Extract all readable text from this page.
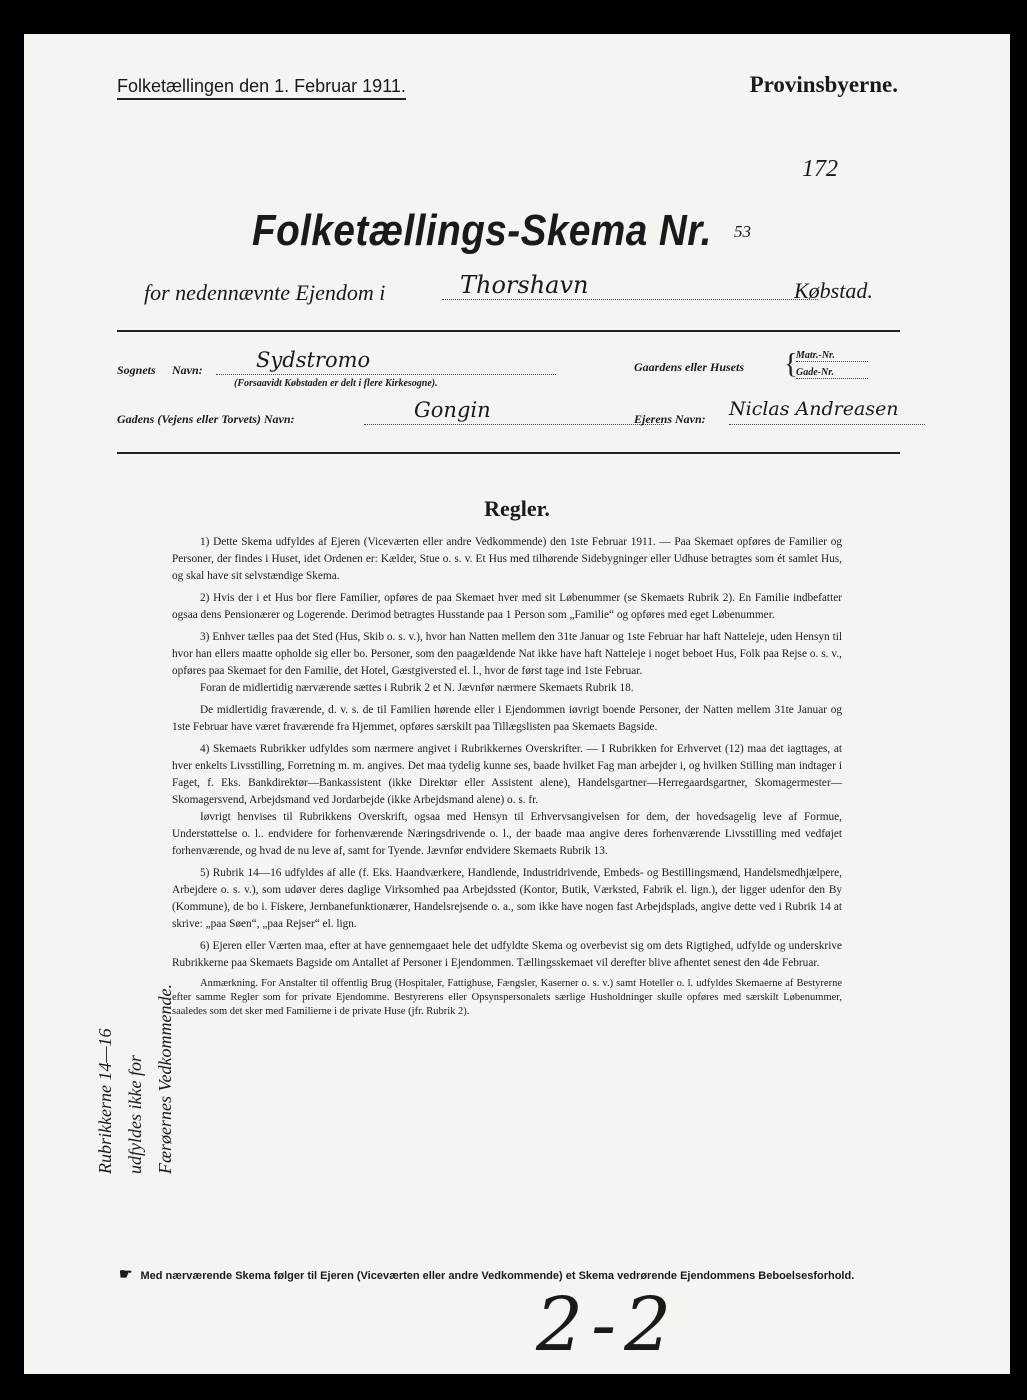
Folketællingen den 1. Februar 1911.	Provinsbyerne.
172
Folketællings-Skema Nr. 53
for nedennævnte Ejendom i	Thorshavn	Købstad.
Sognets Navn:	Sydstromo
(Forsaavidt Købstaden er delt i flere Kirkesogne).
Gaardens eller Husets {
Matr.-Nr.
Gade-Nr.
Gadens (Vejens eller Torvets) Navn:	Gongin	Ejerens Navn: Niclas Andreasen
Regler.

1) Dette Skema udfyldes af Ejeren (Viceværten eller andre Vedkommende) den 1ste Februar 1911. — Paa Skemaet opføres de Familier og Personer, der findes i Huset, idet Ordenen er: Kælder, Stue o. s. v. Et Hus med tilhørende Sidebygninger eller Udhuse betragtes som ét samlet Hus, og skal have sit selvstændige Skema.

2) Hvis der i et Hus bor flere Familier, opføres de paa Skemaet hver med sit Løbenummer (se Skemaets Rubrik 2). En Familie indbefatter ogsaa dens Pensionærer og Logerende. Derimod betragtes Husstande paa 1 Person som „Familie“ og opføres med eget Løbenummer.

3) Enhver tælles paa det Sted (Hus, Skib o. s. v.), hvor han Natten mellem den 31te Januar og 1ste Februar har haft Natteleje, uden Hensyn til hvor han ellers maatte opholde sig eller bo. Personer, som den paagældende Nat ikke have haft Natteleje i noget beboet Hus, Folk paa Rejse o. s. v., opføres paa Skemaet for den Familie, det Hotel, Gæstgiversted el. l., hvor de først tage ind 1ste Februar.

Foran de midlertidig nærværende sættes i Rubrik 2 et N. Jævnfør nærmere Skemaets Rubrik 18.

De midlertidig fraværende, d. v. s. de til Familien hørende eller i Ejendommen iøvrigt boende Personer, der Natten mellem 31te Januar og 1ste Februar have været fraværende fra Hjemmet, opføres særskilt paa Tillægslisten paa Skemaets Bagside.

4) Skemaets Rubrikker udfyldes som nærmere angivet i Rubrikkernes Overskrifter. — I Rubrikken for Erhvervet (12) maa det iagttages, at hver enkelts Livsstilling, Forretning m. m. angives. Det maa tydelig kunne ses, baade hvilket Fag man arbejder i, og hvilken Stilling man indtager i Faget, f. Eks. Bankdirektør—Bankassistent (ikke Direktør eller Assistent alene), Handelsgartner—Herregaardsgartner, Skomagermester—Skomagersvend, Arbejdsmand ved Jordarbejde (ikke Arbejdsmand alene) o. s. fr.

Iøvrigt henvises til Rubrikkens Overskrift, ogsaa med Hensyn til Erhvervsangivelsen for dem, der hovedsagelig leve af Formue, Understøttelse o. l.. endvidere for forhenværende Næringsdrivende o. l., der baade maa angive deres forhenværende Livsstilling med vedføjet forhenværende, og hvad de nu leve af, samt for Tyende. Jævnfør endvidere Skemaets Rubrik 13.

5) Rubrik 14—16 udfyldes af alle (f. Eks. Haandværkere, Handlende, Industridrivende, Embeds- og Bestillingsmænd, Handelsmedhjælpere, Arbejdere o. s. v.), som udøver deres daglige Virksomhed paa Arbejdssted (Kontor, Butik, Værksted, Fabrik el. lign.), der ligger udenfor den By (Kommune), de bo i. Fiskere, Jernbanefunktionærer, Handelsrejsende o. a., som ikke have nogen fast Arbejdsplads, angive dette ved i Rubrik 14 at skrive: „paa Søen“, „paa Rejser“ el. lign.

6) Ejeren eller Værten maa, efter at have gennemgaaet hele det udfyldte Skema og overbevist sig om dets Rigtighed, udfylde og underskrive Rubrikkerne paa Skemaets Bagside om Antallet af Personer i Ejendommen. Tællingsskemaet vil derefter blive afhentet senest den 4de Februar.

Anmærkning. For Anstalter til offentlig Brug (Hospitaler, Fattighuse, Fængsler, Kaserner o. s. v.) samt Hoteller o. l. udfyldes Skemaerne af Bestyrerne efter samme Regler som for private Ejendomme. Bestyrerens eller Opsynspersonalets særlige Husholdninger skulle opføres med særskilt Løbenummer, saaledes som det sker med Familierne i de private Huse (jfr. Rubrik 2).

Rubrikkerne 14—16 udfyldes ikke for Færøernes Vedkommende.
☛ Med nærværende Skema følger til Ejeren (Viceværten eller andre Vedkommende) et Skema vedrørende Ejendommens Beboelsesforhold.
2-2
